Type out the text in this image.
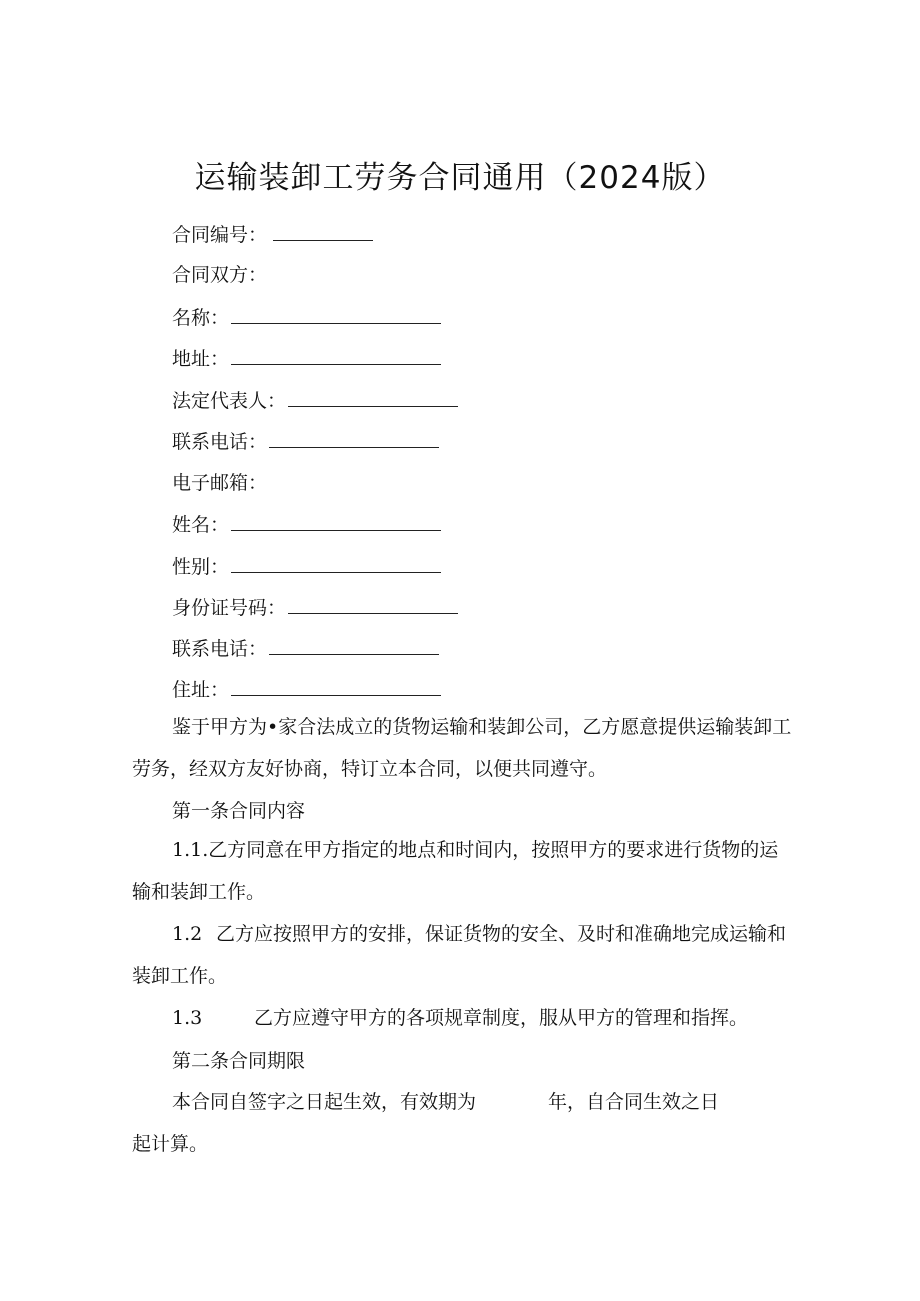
运输装卸工劳务合同通用（2024版）
合同编号：
合同双方：
名称：
地址：
法定代表人：
联系电话：
电子邮箱：
姓名：
性别：
身份证号码：
联系电话：
住址：
鉴于甲方为•家合法成立的货物运输和装卸公司，乙方愿意提供运输装卸工劳务，经双方友好协商，特订立本合同，以便共同遵守。
第一条合同内容
1.1.乙方同意在甲方指定的地点和时间内，按照甲方的要求进行货物的运输和装卸工作。
1.2 乙方应按照甲方的安排，保证货物的安全、及时和准确地完成运输和装卸工作。
1.3	乙方应遵守甲方的各项规章制度，服从甲方的管理和指挥。
第二条合同期限
本合同自签字之日起生效，有效期为	年，自合同生效之日
起计算。
